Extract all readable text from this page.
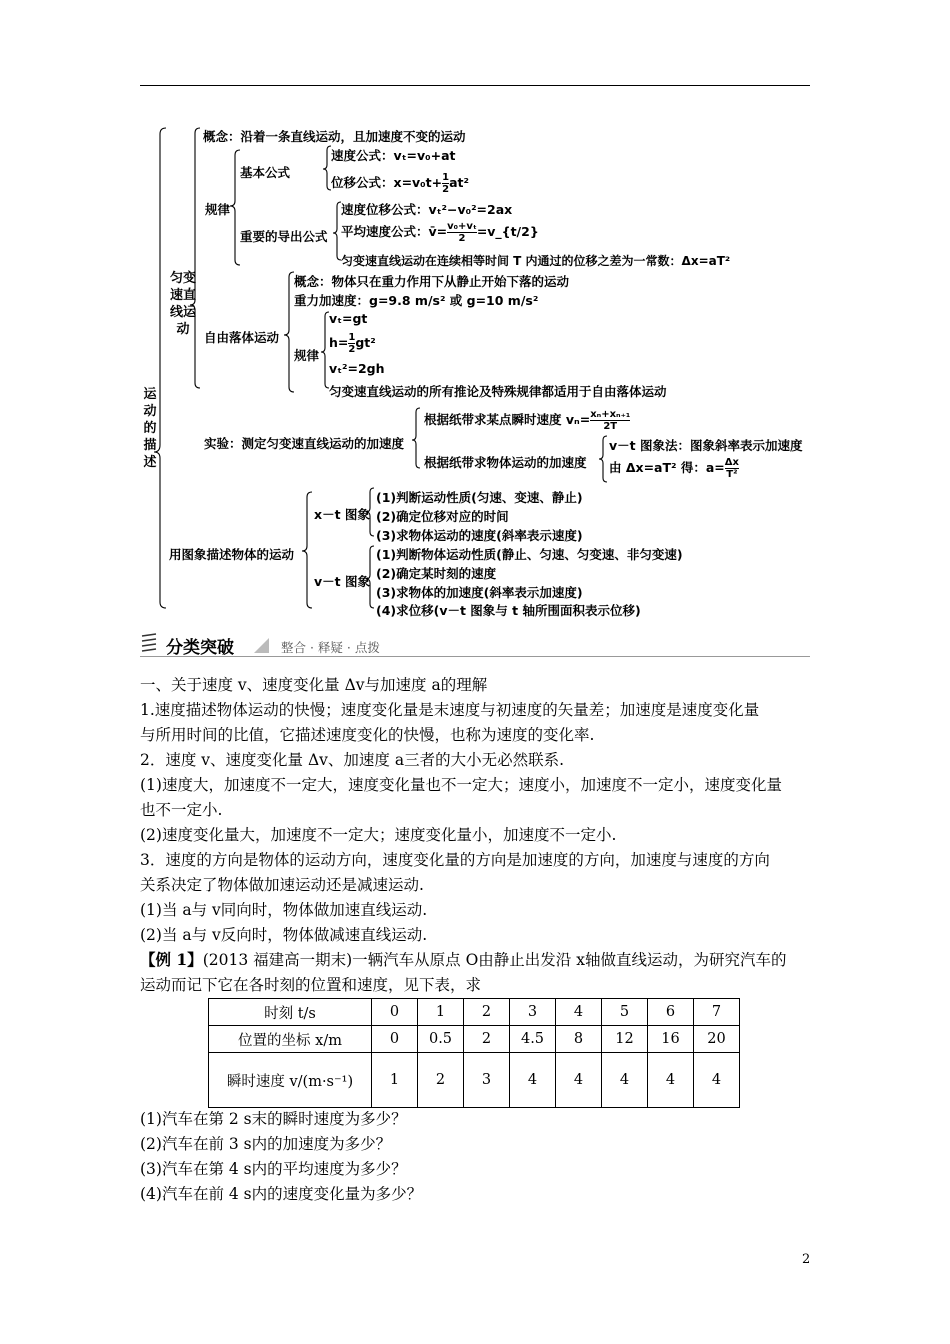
运动的描述
匀变速直线运动
概念：沿着一条直线运动，且加速度不变的运动
规律
基本公式
速度公式：vₜ=v₀+at
位移公式：$x=v_0t+ \frac{1}{2} at^2$
重要的导出公式
速度位移公式：vₜ²−v₀²=2ax
平均速度公式：v̄= $\frac{\text{v₀+vₜ}}{2}$ =v_{t/2}
匀变速直线运动在连续相等时间 T 内通过的位移之差为一常数：Δx=aT²
自由落体运动
概念：物体只在重力作用下从静止开始下落的运动
重力加速度：g=9.8 m/s² 或 g=10 m/s²
规律
vₜ=gt
$h= \frac{1}{2} gt^2$
vₜ²=2gh
匀变速直线运动的所有推论及特殊规律都适用于自由落体运动
实验：测定匀变速直线运动的加速度
根据纸带求某点瞬时速度 $v_n= \frac{\text{xₙ+xₙ₊₁}}{2T}$
根据纸带求物体运动的加速度
v－t 图象法：图象斜率表示加速度
由 Δx=aT² 得：$a= \frac{\Delta x}{\text{T²}}$
用图象描述物体的运动
x－t 图象
(1)判断运动性质(匀速、变速、静止)
(2)确定位移对应的时间
(3)求物体运动的速度(斜率表示速度)
v－t 图象
(1)判断物体运动性质(静止、匀速、匀变速、非匀变速)
(2)确定某时刻的速度
(3)求物体的加速度(斜率表示加速度)
(4)求位移(v－t 图象与 t 轴所围面积表示位移)
分类突破	整合 · 释疑 · 点拨
一、关于速度 v、速度变化量 Δv与加速度 a的理解
1.速度描述物体运动的快慢；速度变化量是末速度与初速度的矢量差；加速度是速度变化量
与所用时间的比值，它描述速度变化的快慢，也称为速度的变化率.
2．速度 v、速度变化量 Δv、加速度 a三者的大小无必然联系.
(1)速度大，加速度不一定大，速度变化量也不一定大；速度小，加速度不一定小，速度变化量
也不一定小.
(2)速度变化量大，加速度不一定大；速度变化量小，加速度不一定小.
3．速度的方向是物体的运动方向，速度变化量的方向是加速度的方向，加速度与速度的方向
关系决定了物体做加速运动还是减速运动.
(1)当 a与 v同向时，物体做加速直线运动.
(2)当 a与 v反向时，物体做减速直线运动.
【例 1】(2013 福建高一期末)一辆汽车从原点 O由静止出发沿 x轴做直线运动，为研究汽车的
运动而记下它在各时刻的位置和速度，见下表，求
时刻 t/s	0	1	2	3	4	5	6	7
位置的坐标 x/m	0	0.5	2	4.5	8	12	16	20
瞬时速度 v/(m·s⁻¹)	1	2	3	4	4	4	4	4
(1)汽车在第 2 s末的瞬时速度为多少？
(2)汽车在前 3 s内的加速度为多少？
(3)汽车在第 4 s内的平均速度为多少？
(4)汽车在前 4 s内的速度变化量为多少？
2
